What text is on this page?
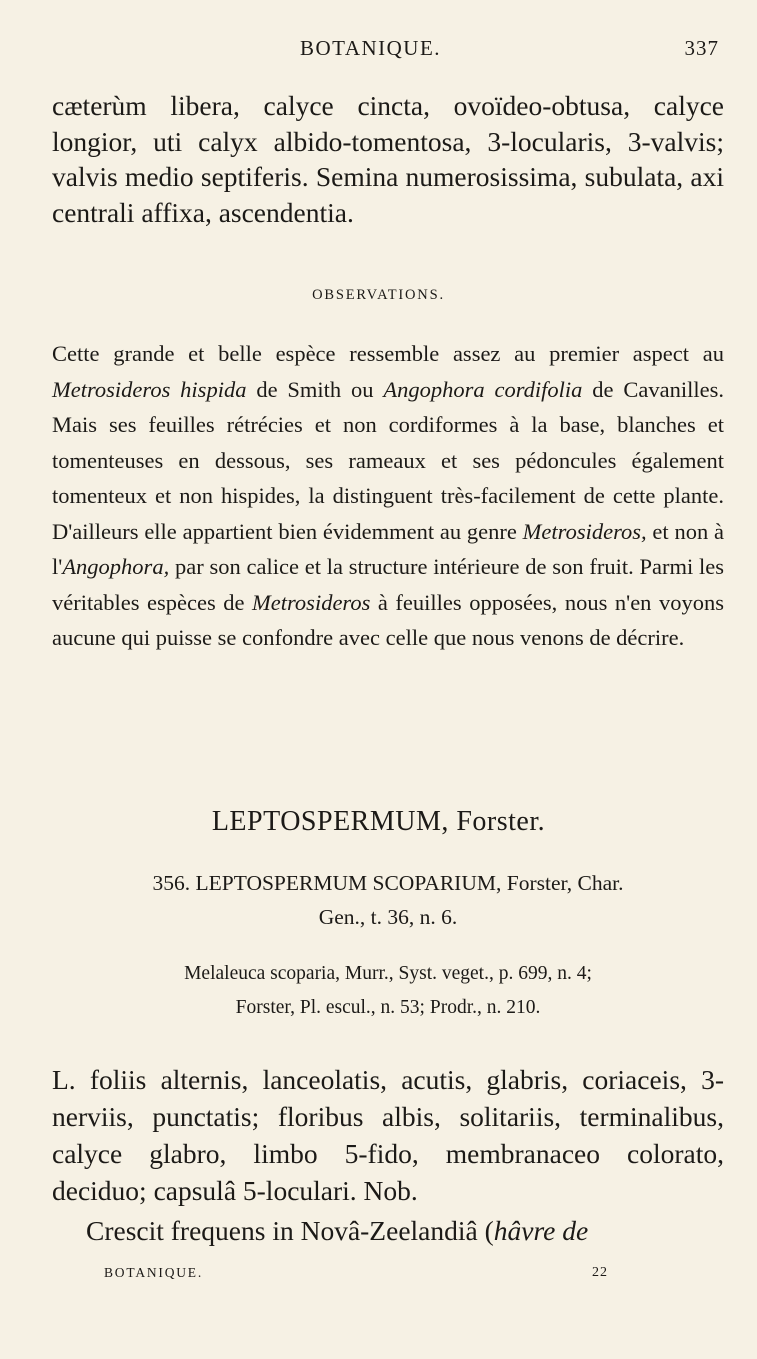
BOTANIQUE.	337

cæterùm libera, calyce cincta, ovoïdeo-obtusa, calyce longior, uti calyx albido-tomentosa, 3-locularis, 3-valvis; valvis medio septiferis. Semina numerosissima, subulata, axi centrali affixa, ascendentia.

OBSERVATIONS.

Cette grande et belle espèce ressemble assez au premier aspect au Metrosideros hispida de Smith ou Angophora cordifolia de Cavanilles. Mais ses feuilles rétrécies et non cordiformes à la base, blanches et tomenteuses en dessous, ses rameaux et ses pédoncules également tomenteux et non hispides, la distinguent très-facilement de cette plante. D'ailleurs elle appartient bien évidemment au genre Metrosideros, et non à l'Angophora, par son calice et la structure intérieure de son fruit. Parmi les véritables espèces de Metrosideros à feuilles opposées, nous n'en voyons aucune qui puisse se confondre avec celle que nous venons de décrire.

LEPTOSPERMUM, Forster.
356. LEPTOSPERMUM SCOPARIUM, Forster, Char.
Gen., t. 36, n. 6.
Melaleuca scoparia, Murr., Syst. veget., p. 699, n. 4;
Forster, Pl. escul., n. 53; Prodr., n. 210.

L. foliis alternis, lanceolatis, acutis, glabris, coriaceis, 3-nerviis, punctatis; floribus albis, solitariis, terminalibus, calyce glabro, limbo 5-fido, membranaceo colorato, deciduo; capsulâ 5-loculari. Nob.

Crescit frequens in Novâ-Zeelandiâ (hâvre de

BOTANIQUE.	22
